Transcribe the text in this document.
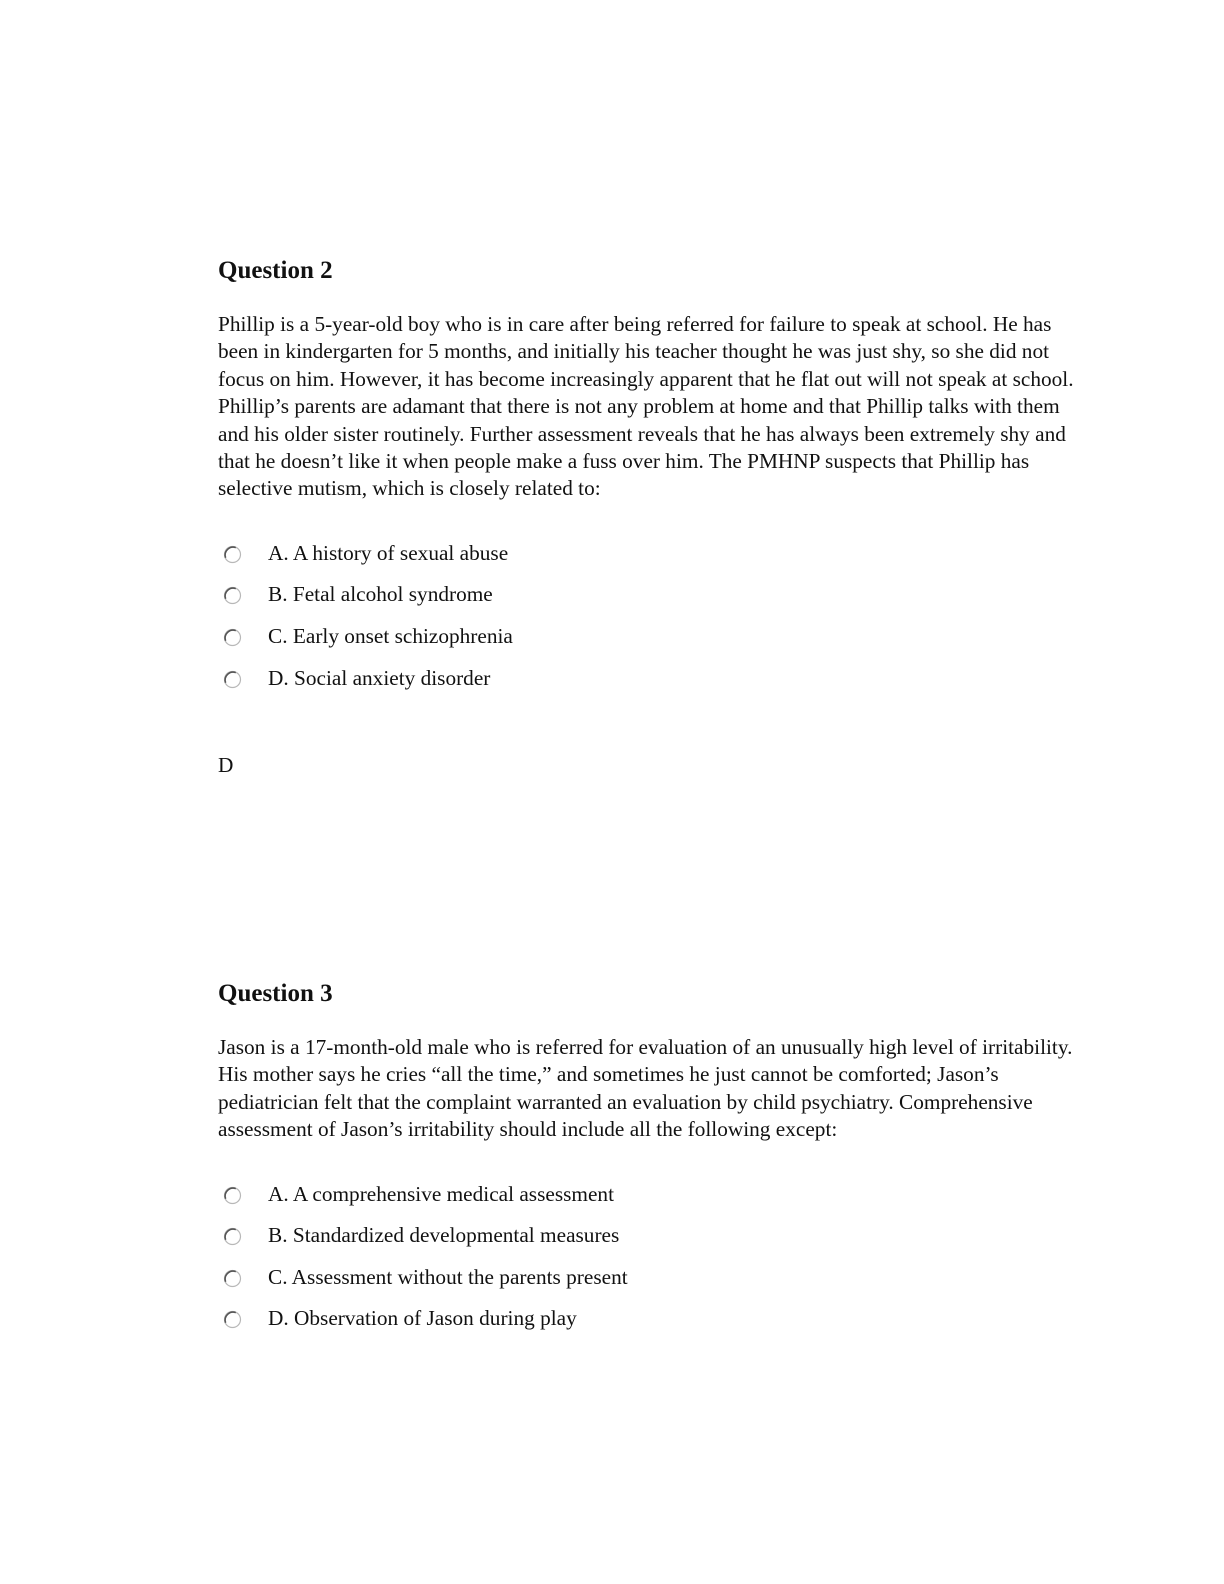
Question 2

Phillip is a 5-year-old boy who is in care after being referred for failure to speak at school. He has been in kindergarten for 5 months, and initially his teacher thought he was just shy, so she did not focus on him. However, it has become increasingly apparent that he flat out will not speak at school. Phillip’s parents are adamant that there is not any problem at home and that Phillip talks with them and his older sister routinely. Further assessment reveals that he has always been extremely shy and that he doesn’t like it when people make a fuss over him. The PMHNP suspects that Phillip has selective mutism, which is closely related to:

A. A history of sexual abuse
B. Fetal alcohol syndrome
C. Early onset schizophrenia
D. Social anxiety disorder
D
Question 3

Jason is a 17-month-old male who is referred for evaluation of an unusually high level of irritability. His mother says he cries “all the time,” and sometimes he just cannot be comforted; Jason’s pediatrician felt that the complaint warranted an evaluation by child psychiatry. Comprehensive assessment of Jason’s irritability should include all the following except:

A. A comprehensive medical assessment
B. Standardized developmental measures
C. Assessment without the parents present
D. Observation of Jason during play
